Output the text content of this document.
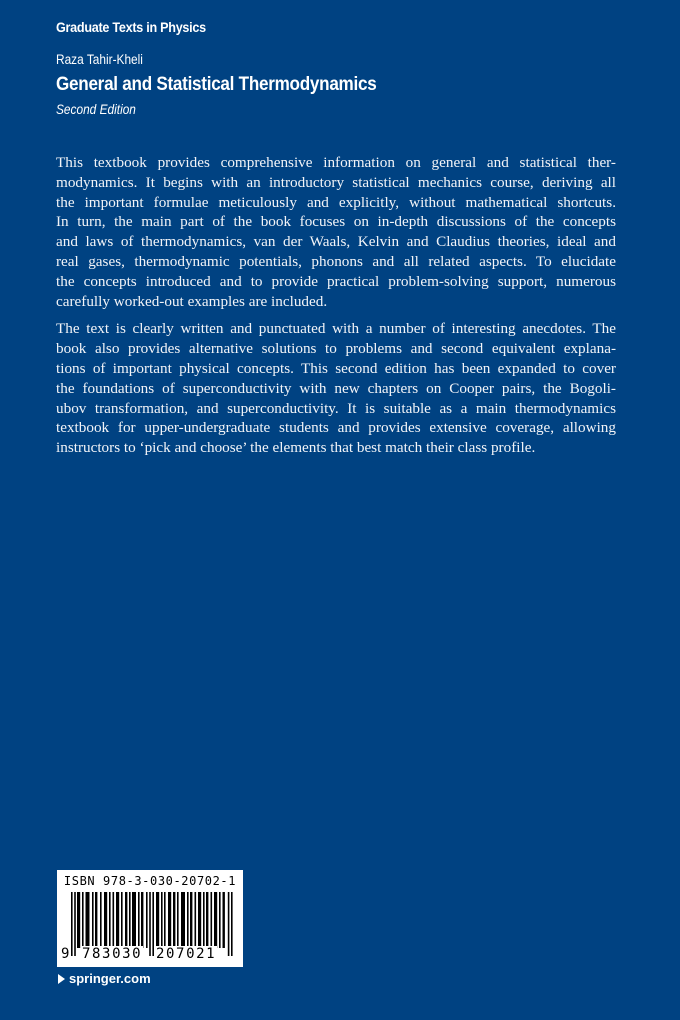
Graduate Texts in Physics
Raza Tahir-Kheli
General and Statistical Thermodynamics
Second Edition

This textbook provides comprehensive information on general and statistical ther-
modynamics. It begins with an introductory statistical mechanics course, deriving all
the important formulae meticulously and explicitly, without mathematical shortcuts.
In turn, the main part of the book focuses on in-depth discussions of the concepts
and laws of thermodynamics, van der Waals, Kelvin and Claudius theories, ideal and
real gases, thermodynamic potentials, phonons and all related aspects. To elucidate
the concepts introduced and to provide practical problem-solving support, numerous
carefully worked-out examples are included.

The text is clearly written and punctuated with a number of interesting anecdotes. The
book also provides alternative solutions to problems and second equivalent explana-
tions of important physical concepts. This second edition has been expanded to cover
the foundations of superconductivity with new chapters on Cooper pairs, the Bogoli-
ubov transformation, and superconductivity. It is suitable as a main thermodynamics
textbook for upper-undergraduate students and provides extensive coverage, allowing
instructors to ‘pick and choose’ the elements that best match their class profile.

ISBN 978-3-030-20702-1
9 783030 207021
springer.com
